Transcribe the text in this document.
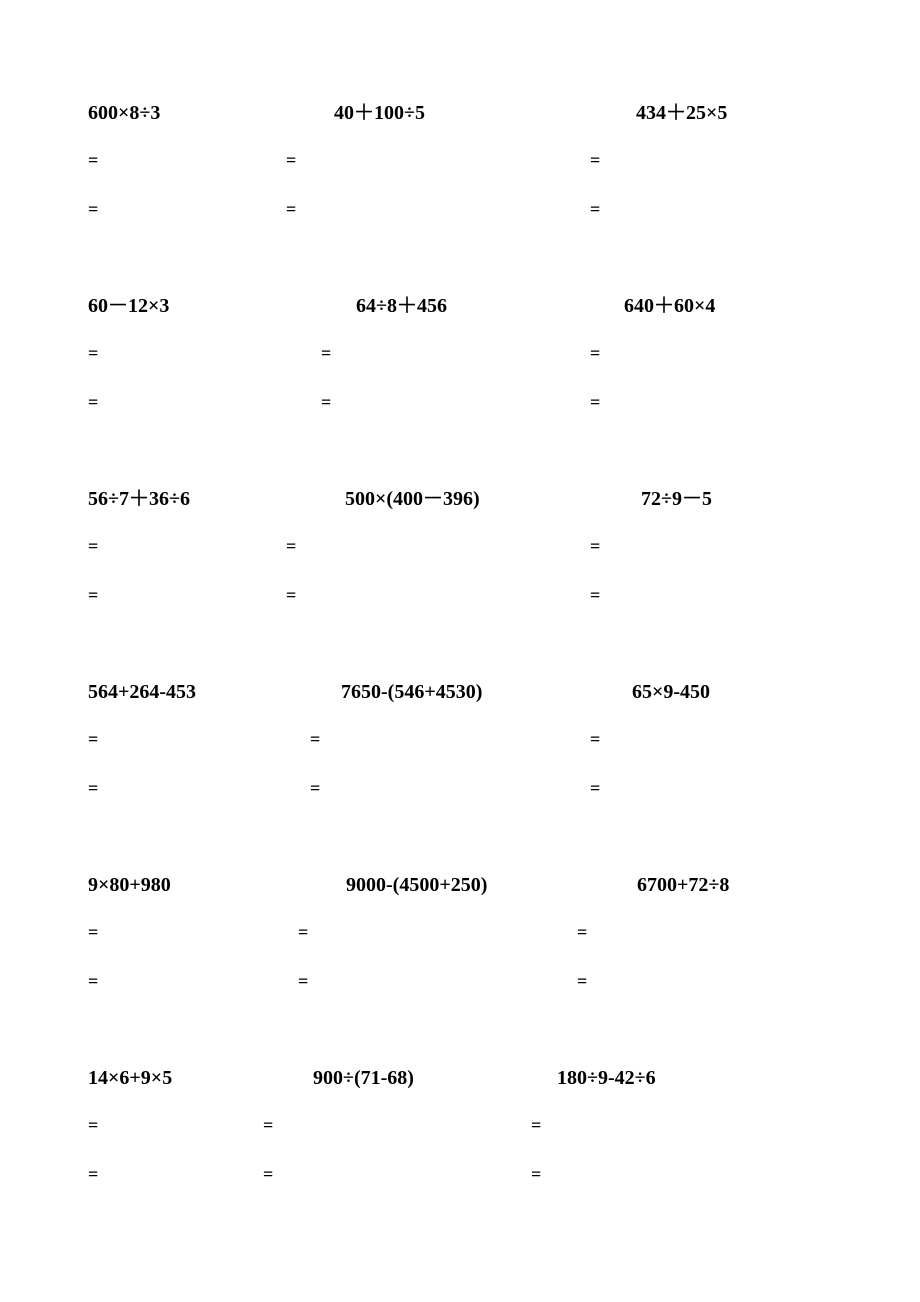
600×8÷3
=
=
40＋100÷5
=
=
434＋25×5
=
=
60－12×3
=
=
64÷8＋456
=
=
640＋60×4
=
=
56÷7＋36÷6
=
=
500×(400－396)
=
=
72÷9－5
=
=
564+264-453
=
=
7650-(546+4530)
=
=
65×9-450
=
=
9×80+980
=
=
9000-(4500+250)
=
=
6700+72÷8
=
=
14×6+9×5
=
=
900÷(71-68)
=
=
180÷9-42÷6
=
=
